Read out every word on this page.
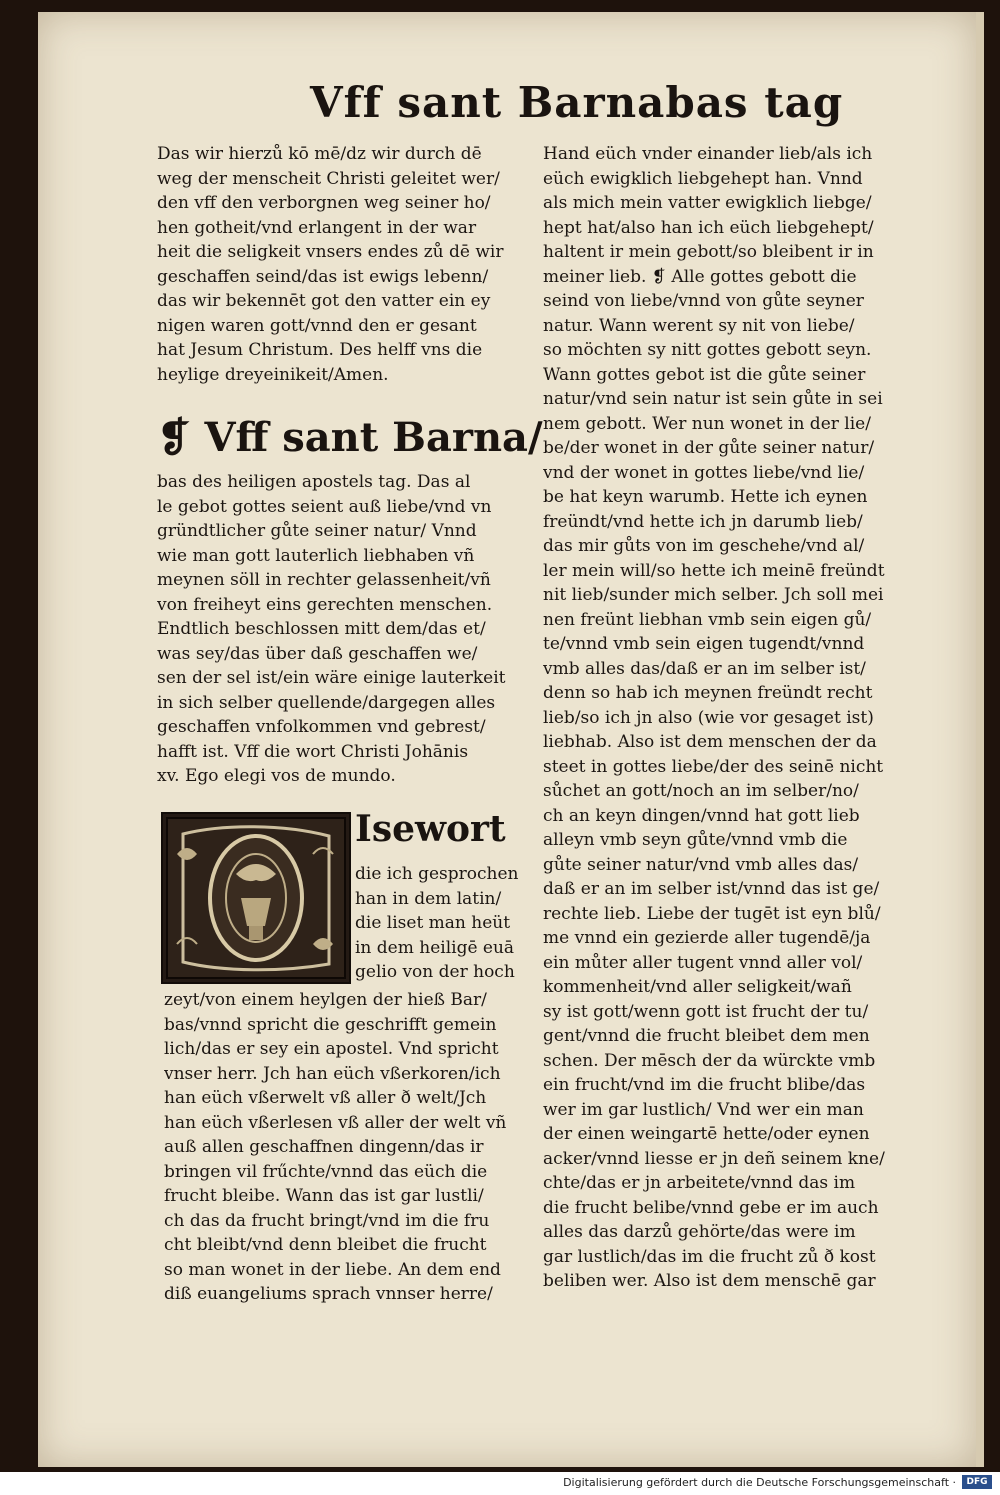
Vff sant Barnabas tag
Das wir hierzů kō mē/dz wir durch dē
weg der menscheit Christi geleitet wer/
den vff den verborgnen weg seiner ho/
hen gotheit/vnd erlangent in der war
heit die seligkeit vnsers endes zů dē wir
geschaffen seind/das ist ewigs lebenn/
das wir bekennēt got den vatter ein ey
nigen waren gott/vnnd den er gesant
hat Jesum Christum. Des helff vns die
heylige dreyeinikeit/Amen.
❡ Vff sant Barna/
bas des heiligen apostels tag. Das al
le gebot gottes seient auß liebe/vnd vn
gründtlicher gůte seiner natur/ Vnnd
wie man gott lauterlich liebhaben vñ
meynen söll in rechter gelassenheit/vñ
von freiheyt eins gerechten menschen.
Endtlich beschlossen mitt dem/das et/
was sey/das über daß geschaffen we/
sen der sel ist/ein wäre einige lauterkeit
in sich selber quellende/dargegen alles
geschaffen vnfolkommen vnd gebrest/
hafft ist. Vff die wort Christi Johānis
xv. Ego elegi vos de mundo.
Isewort
die ich gesprochen
han in dem latin/
die liset man heüt
in dem heiligē euā
gelio von der hoch
zeyt/von einem heylgen der hieß Bar/
bas/vnnd spricht die geschrifft gemein
lich/das er sey ein apostel. Vnd spricht
vnser herr. Jch han eüch vßerkoren/ich
han eüch vßerwelt vß aller ð welt/Jch
han eüch vßerlesen vß aller der welt vñ
auß allen geschaffnen dingenn/das ir
bringen vil frűchte/vnnd das eüch die
frucht bleibe. Wann das ist gar lustli/
ch das da frucht bringt/vnd im die fru
cht bleibt/vnd denn bleibet die frucht
so man wonet in der liebe. An dem end
diß euangeliums sprach vnnser herre/
Hand eüch vnder einander lieb/als ich
eüch ewigklich liebgehept han. Vnnd
als mich mein vatter ewigklich liebge/
hept hat/also han ich eüch liebgehept/
haltent ir mein gebott/so bleibent ir in
meiner lieb. ❡ Alle gottes gebott die
seind von liebe/vnnd von gůte seyner
natur. Wann werent sy nit von liebe/
so möchten sy nitt gottes gebott seyn.
Wann gottes gebot ist die gůte seiner
natur/vnd sein natur ist sein gůte in sei
nem gebott. Wer nun wonet in der lie/
be/der wonet in der gůte seiner natur/
vnd der wonet in gottes liebe/vnd lie/
be hat keyn warumb. Hette ich eynen
freündt/vnd hette ich jn darumb lieb/
das mir gůts von im geschehe/vnd al/
ler mein will/so hette ich meinē freündt
nit lieb/sunder mich selber. Jch soll mei
nen freünt liebhan vmb sein eigen gů/
te/vnnd vmb sein eigen tugendt/vnnd
vmb alles das/daß er an im selber ist/
denn so hab ich meynen freündt recht
lieb/so ich jn also (wie vor gesaget ist)
liebhab. Also ist dem menschen der da
steet in gottes liebe/der des seinē nicht
sůchet an gott/noch an im selber/no/
ch an keyn dingen/vnnd hat gott lieb
alleyn vmb seyn gůte/vnnd vmb die
gůte seiner natur/vnd vmb alles das/
daß er an im selber ist/vnnd das ist ge/
rechte lieb. Liebe der tugēt ist eyn blů/
me vnnd ein gezierde aller tugendē/ja
ein můter aller tugent vnnd aller vol/
kommenheit/vnd aller seligkeit/wañ
sy ist gott/wenn gott ist frucht der tu/
gent/vnnd die frucht bleibet dem men
schen. Der mēsch der da würckte vmb
ein frucht/vnd im die frucht blibe/das
wer im gar lustlich/ Vnd wer ein man
der einen weingartē hette/oder eynen
acker/vnnd liesse er jn deñ seinem kne/
chte/das er jn arbeitete/vnnd das im
die frucht belibe/vnnd gebe er im auch
alles das darzů gehörte/das were im
gar lustlich/das im die frucht zů ð kost
beliben wer. Also ist dem menschē gar
Digitalisierung gefördert durch die Deutsche Forschungsgemeinschaft ·	DFG
